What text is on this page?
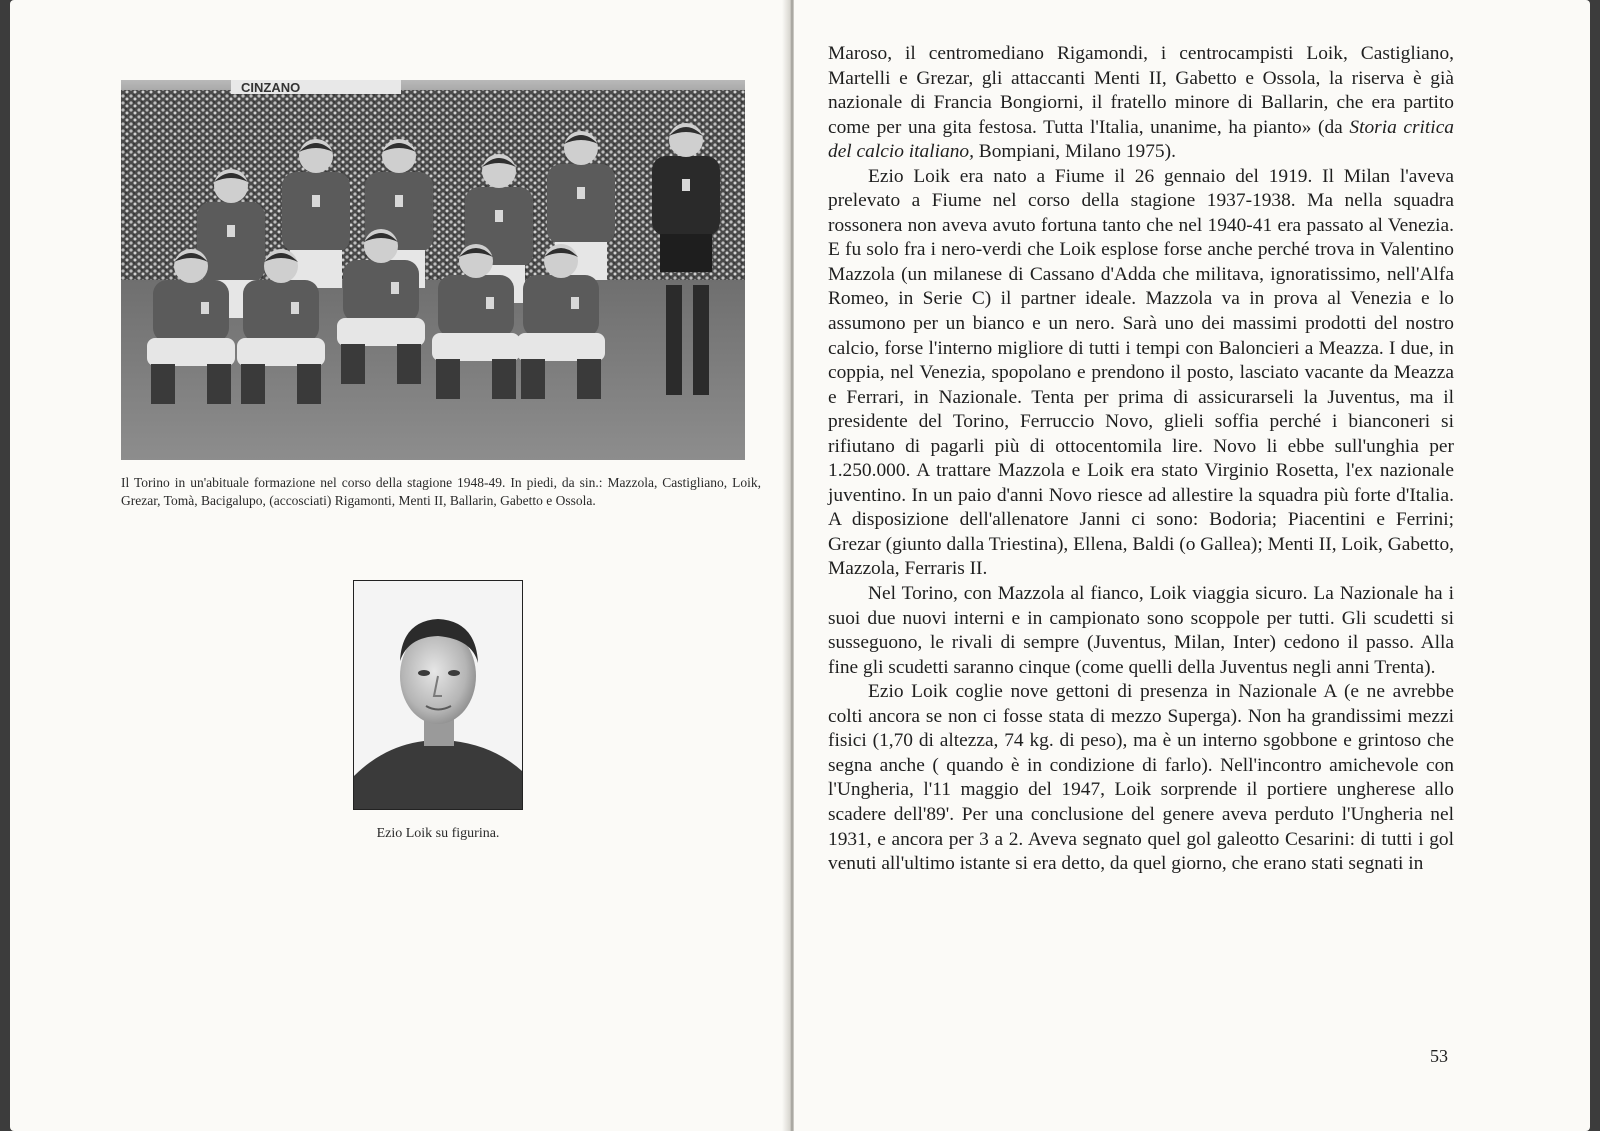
CINZANO
Il Torino in un'abituale formazione nel corso della stagione 1948-49. In piedi, da sin.: Mazzola, Castigliano, Loik, Grezar, Tomà, Bacigalupo, (accosciati) Rigamonti, Menti II, Ballarin, Gabetto e Ossola.
Ezio Loik su figurina.

Maroso, il centromediano Rigamondi, i centrocampisti Loik, Castigliano, Martelli e Grezar, gli attaccanti Menti II, Gabetto e Ossola, la riserva è già nazionale di Francia Bongiorni, il fratello minore di Ballarin, che era partito come per una gita festosa. Tutta l'Italia, unanime, ha pianto» (da Storia critica del calcio italiano, Bompiani, Milano 1975).

Ezio Loik era nato a Fiume il 26 gennaio del 1919. Il Milan l'aveva prelevato a Fiume nel corso della stagione 1937-1938. Ma nella squadra rossonera non aveva avuto fortuna tanto che nel 1940-41 era passato al Venezia. E fu solo fra i nero-verdi che Loik esplose forse anche perché trova in Valentino Mazzola (un milanese di Cassano d'Adda che militava, ignoratissimo, nell'Alfa Romeo, in Serie C) il partner ideale. Mazzola va in prova al Venezia e lo assumono per un bianco e un nero. Sarà uno dei massimi prodotti del nostro calcio, forse l'interno migliore di tutti i tempi con Baloncieri a Meazza. I due, in coppia, nel Venezia, spopolano e prendono il posto, lasciato vacante da Meazza e Ferrari, in Nazionale. Tenta per prima di assicurarseli la Juventus, ma il presidente del Torino, Ferruccio Novo, glieli soffia perché i bianconeri si rifiutano di pagarli più di ottocentomila lire. Novo li ebbe sull'unghia per 1.250.000. A trattare Mazzola e Loik era stato Virginio Rosetta, l'ex nazionale juventino. In un paio d'anni Novo riesce ad allestire la squadra più forte d'Italia. A disposizione dell'allenatore Janni ci sono: Bodoria; Piacentini e Ferrini; Grezar (giunto dalla Triestina), Ellena, Baldi (o Gallea); Menti II, Loik, Gabetto, Mazzola, Ferraris II.

Nel Torino, con Mazzola al fianco, Loik viaggia sicuro. La Nazionale ha i suoi due nuovi interni e in campionato sono scoppole per tutti. Gli scudetti si susseguono, le rivali di sempre (Juventus, Milan, Inter) cedono il passo. Alla fine gli scudetti saranno cinque (come quelli della Juventus negli anni Trenta).

Ezio Loik coglie nove gettoni di presenza in Nazionale A (e ne avrebbe colti ancora se non ci fosse stata di mezzo Superga). Non ha grandissimi mezzi fisici (1,70 di altezza, 74 kg. di peso), ma è un interno sgobbone e grintoso che segna anche ( quando è in condizione di farlo). Nell'incontro amichevole con l'Ungheria, l'11 maggio del 1947, Loik sorprende il portiere ungherese allo scadere dell'89'. Per una conclusione del genere aveva perduto l'Ungheria nel 1931, e ancora per 3 a 2. Aveva segnato quel gol galeotto Cesarini: di tutti i gol venuti all'ultimo istante si era detto, da quel giorno, che erano stati segnati in

53
